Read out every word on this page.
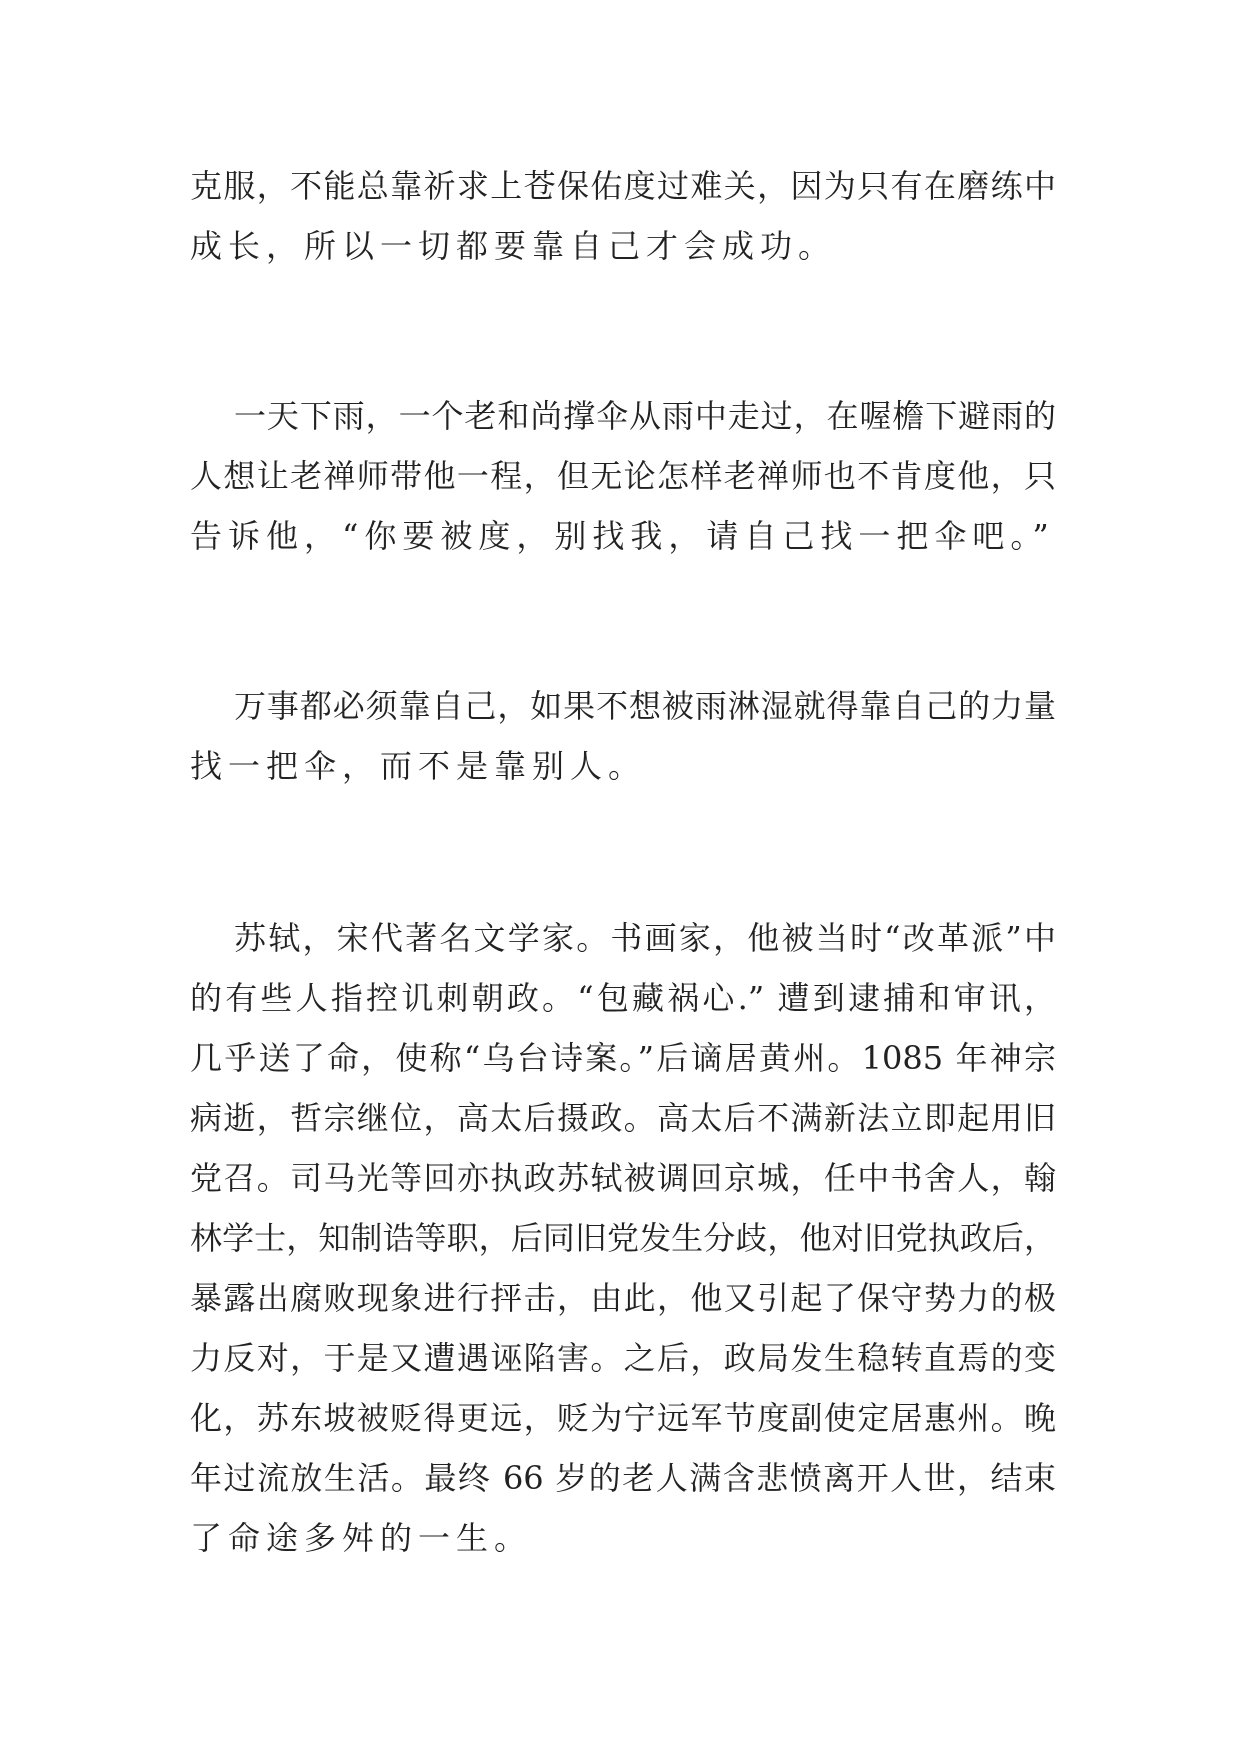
克服，不能总靠祈求上苍保佑度过难关，因为只有在磨练中

成长，所以一切都要靠自己才会成功。

一天下雨，一个老和尚撑伞从雨中走过，在喔檐下避雨的

人想让老禅师带他一程，但无论怎样老禅师也不肯度他，只

告诉他，“你要被度，别找我，请自己找一把伞吧。”

万事都必须靠自己，如果不想被雨淋湿就得靠自己的力量

找一把伞，而不是靠别人。

苏轼，宋代著名文学家。书画家，他被当时“改革派”中

的有些人指控讥刺朝政。“包藏祸心.” 遭到逮捕和审讯，

几乎送了命，使称“乌台诗案。”后谪居黄州。1085 年神宗

病逝，哲宗继位，高太后摄政。高太后不满新法立即起用旧

党召。司马光等回亦执政苏轼被调回京城，任中书舍人，翰

林学士，知制诰等职，后同旧党发生分歧，他对旧党执政后，

暴露出腐败现象进行抨击，由此，他又引起了保守势力的极

力反对，于是又遭遇诬陷害。之后，政局发生稳转直焉的变

化，苏东坡被贬得更远，贬为宁远军节度副使定居惠州。晚

年过流放生活。最终 66 岁的老人满含悲愤离开人世，结束

了命途多舛的一生。
